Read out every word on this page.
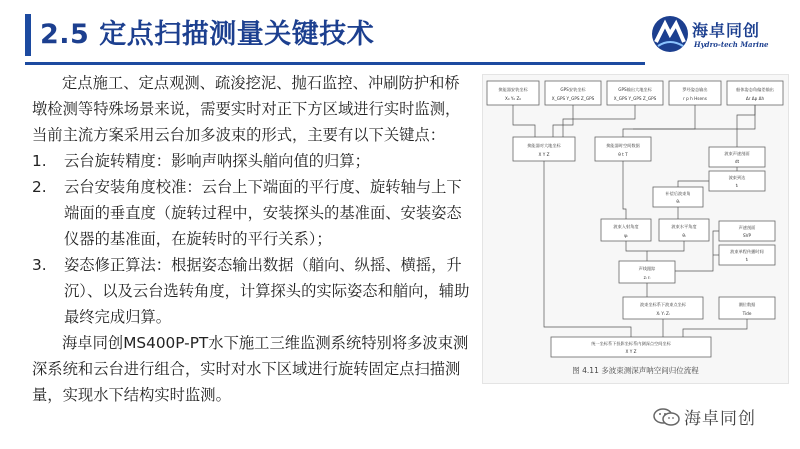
2.5 定点扫描测量关键技术	海卓同创
Hydro-tech Marine

定点施工、定点观测、疏浚挖泥、抛石监控、冲刷防护和桥墩检测等特殊场景来说，需要实时对正下方区域进行实时监测，当前主流方案采用云台加多波束的形式，主要有以下关键点：

1. 云台旋转精度：影响声呐探头艏向值的归算；

2. 云台安装角度校准：云台上下端面的平行度、旋转轴与上下端面的垂直度（旋转过程中，安装探头的基准面、安装姿态仪器的基准面，在旋转时的平行关系）；

3. 姿态修正算法：根据姿态输出数据（艏向、纵摇、横摇，升沉）、以及云台选转角度，计算探头的实际姿态和艏向，辅助最终完成归算。

海卓同创MS400P-PT水下施工三维监测系统特别将多波束测深系统和云台进行组合，实时对水下区域进行旋转固定点扫描测量，实现水下结构实时监测。

换能器安装坐标
X₀ Y₀ Z₀
GPS安装坐标
X_GPS Y_GPS Z_GPS
GPS输出大地坐标
X_GPS Y_GPS Z_GPS
罗经姿态输出
r p h Hsens
船体姿态角偏差输出
Δr Δp Δh
换能器对大地坐标
X Y Z
换能器时空间数据
θ t T	波束声速剖面
dt
波束到达
tᵢ
补偿后波束角
θᵢ
波束入射角度
ψᵢ
波束水平角度
θᵢ
声速剖面
SVP
波束单程传播时间
tᵢ
声线跟踪
zᵢ rᵢ
波束坐标系下波束点坐标
Xᵢ Yᵢ Zᵢ
潮位数据
Tide
统一坐标系下投影坐标系内测深点空间坐标
X Y Z
图 4.11 多波束测深声呐空间归位流程
海卓同创
